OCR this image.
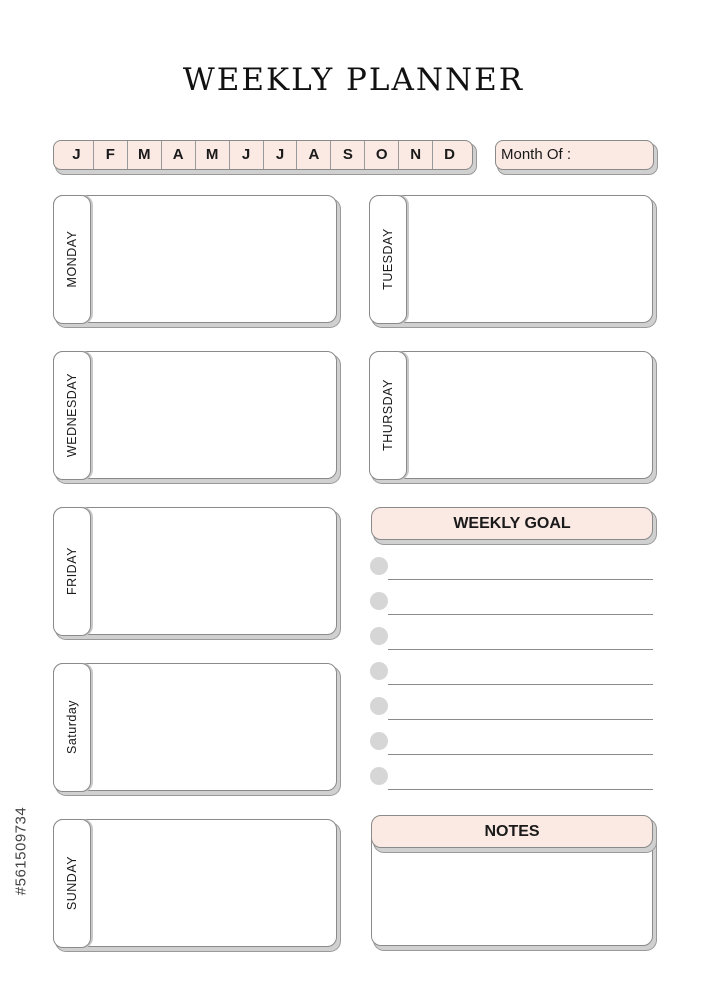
WEEKLY PLANNER
J	F	M	A	M	J	J	A	S	O	N	D	Month Of :
MONDAY	TUESDAY
WEDNESDAY	THURSDAY
FRIDAY
Saturday
SUNDAY
WEEKLY GOAL
NOTES
#561509734
